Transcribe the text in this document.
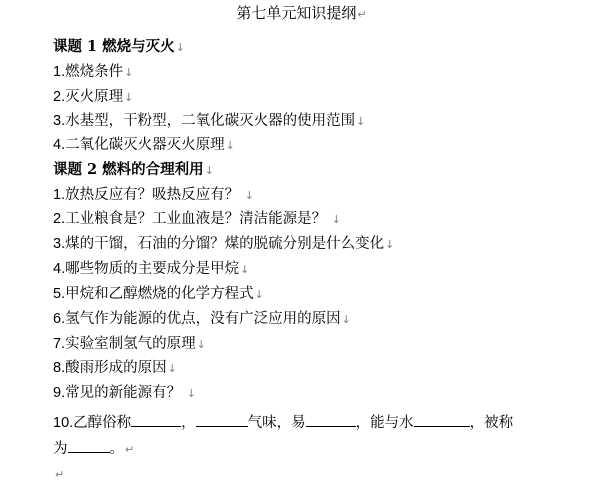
第七单元知识提纲↵
课题 1 燃烧与灭火↓
1.燃烧条件↓
2.灭火原理↓
3.水基型，干粉型，二氧化碳灭火器的使用范围↓
4.二氧化碳灭火器灭火原理↓
课题 2 燃料的合理利用↓
1.放热反应有？吸热反应有？ ↓
2.工业粮食是？工业血液是？清洁能源是？ ↓
3.煤的干馏，石油的分馏？煤的脱硫分别是什么变化↓
4.哪些物质的主要成分是甲烷↓
5.甲烷和乙醇燃烧的化学方程式↓
6.氢气作为能源的优点，没有广泛应用的原因↓
7.实验室制氢气的原理↓
8.酸雨形成的原因↓
9.常见的新能源有？ ↓
10.乙醇俗称	，	气味，易	，能与水	，被称
为	。↵
↵
